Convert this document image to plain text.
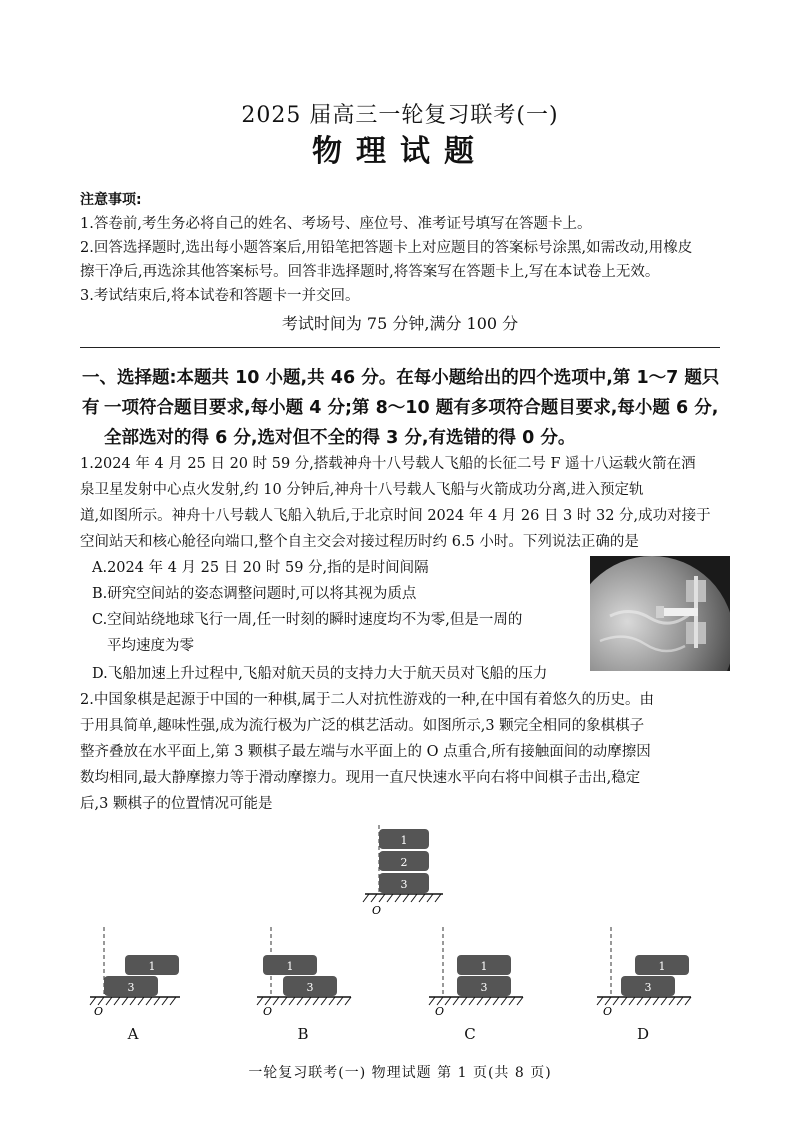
2025 届高三一轮复习联考(一)
物理试题
注意事项:
1.答卷前,考生务必将自己的姓名、考场号、座位号、准考证号填写在答题卡上。
2.回答选择题时,选出每小题答案后,用铅笔把答题卡上对应题目的答案标号涂黑,如需改动,用橡皮
擦干净后,再选涂其他答案标号。回答非选择题时,将答案写在答题卡上,写在本试卷上无效。
3.考试结束后,将本试卷和答题卡一并交回。
考试时间为 75 分钟,满分 100 分
一、选择题:本题共 10 小题,共 46 分。在每小题给出的四个选项中,第 1～7 题只有 一项符合题目要求,每小题 4 分;第 8～10 题有多项符合题目要求,每小题 6 分,
全部选对的得 6 分,选对但不全的得 3 分,有选错的得 0 分。
1.2024 年 4 月 25 日 20 时 59 分,搭载神舟十八号载人飞船的长征二号 F 遥十八运载火箭在酒
泉卫星发射中心点火发射,约 10 分钟后,神舟十八号载人飞船与火箭成功分离,进入预定轨
道,如图所示。神舟十八号载人飞船入轨后,于北京时间 2024 年 4 月 26 日 3 时 32 分,成功对接于
空间站天和核心舱径向端口,整个自主交会对接过程历时约 6.5 小时。下列说法正确的是
A.2024 年 4 月 25 日 20 时 59 分,指的是时间间隔
B.研究空间站的姿态调整问题时,可以将其视为质点
C.空间站绕地球飞行一周,任一时刻的瞬时速度均不为零,但是一周的
平均速度为零
D.飞船加速上升过程中,飞船对航天员的支持力大于航天员对飞船的压力
2.中国象棋是起源于中国的一种棋,属于二人对抗性游戏的一种,在中国有着悠久的历史。由
于用具简单,趣味性强,成为流行极为广泛的棋艺活动。如图所示,3 颗完全相同的象棋棋子
整齐叠放在水平面上,第 3 颗棋子最左端与水平面上的 O 点重合,所有接触面间的动摩擦因
数均相同,最大静摩擦力等于滑动摩擦力。现用一直尺快速水平向右将中间棋子击出,稳定
后,3 颗棋子的位置情况可能是
1
2
3
O
1
3
O
A
1
3
O
B
1
3
O
C
1
3
O
D
一轮复习联考(一) 物理试题 第 1 页(共 8 页)
